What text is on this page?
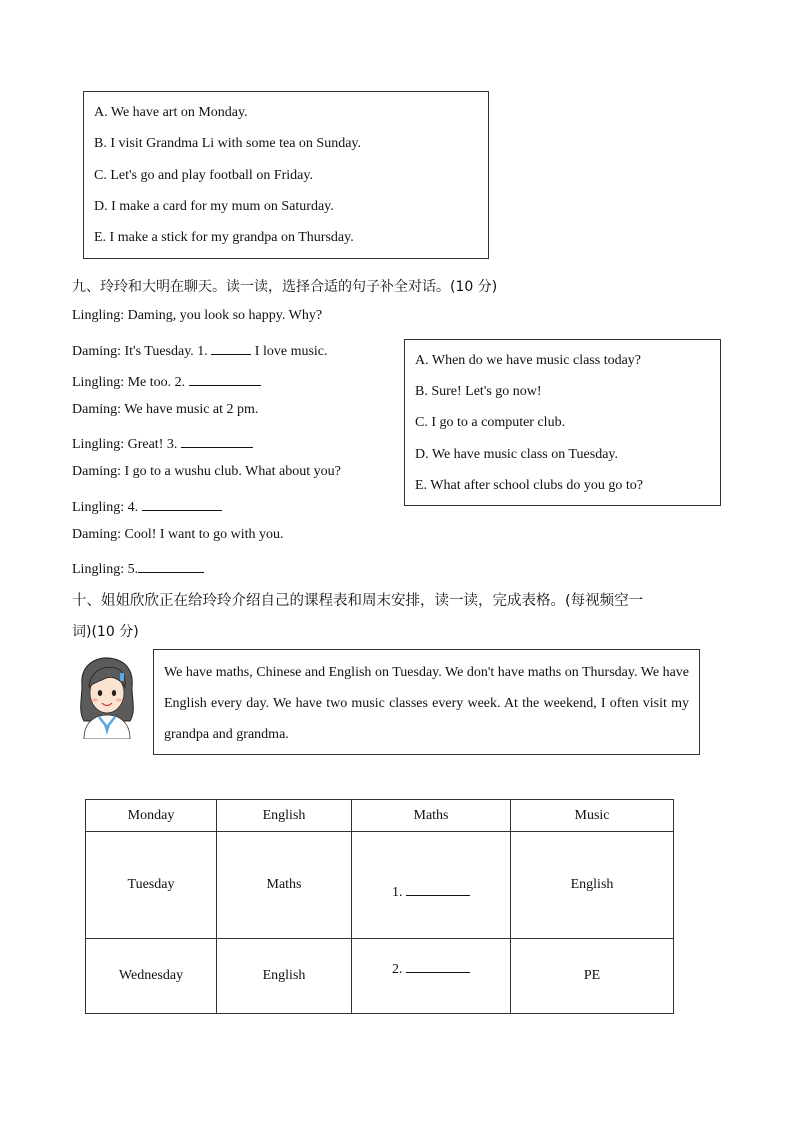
A. We have art on Monday.
B. I visit Grandma Li with some tea on Sunday.
C. Let's go and play football on Friday.
D. I make a card for my mum on Saturday.
E. I make a stick for my grandpa on Thursday.
九、玲玲和大明在聊天。读一读，选择合适的句子补全对话。(10 分)
Lingling: Daming, you look so happy. Why?
Daming: It's Tuesday. 1.	I love music.
Lingling: Me too. 2.
Daming: We have music at 2 pm.
Lingling: Great! 3.
Daming: I go to a wushu club. What about you?
Lingling: 4.
Daming: Cool! I want to go with you.
Lingling: 5.
A. When do we have music class today?
B. Sure! Let's go now!
C. I go to a computer club.
D. We have music class on Tuesday.
E. What after school clubs do you go to?
十、姐姐欣欣正在给玲玲介绍自己的课程表和周末安排，读一读，完成表格。(每视频空一
词)(10 分)
We have maths, Chinese and English on Tuesday. We don't have maths on Thursday. We have English every day. We have two music classes every week. At the weekend, I often visit my grandpa and grandma.
Monday	English	Maths	Music
Tuesday	Maths	1.	English
Wednesday	English	2.	PE
